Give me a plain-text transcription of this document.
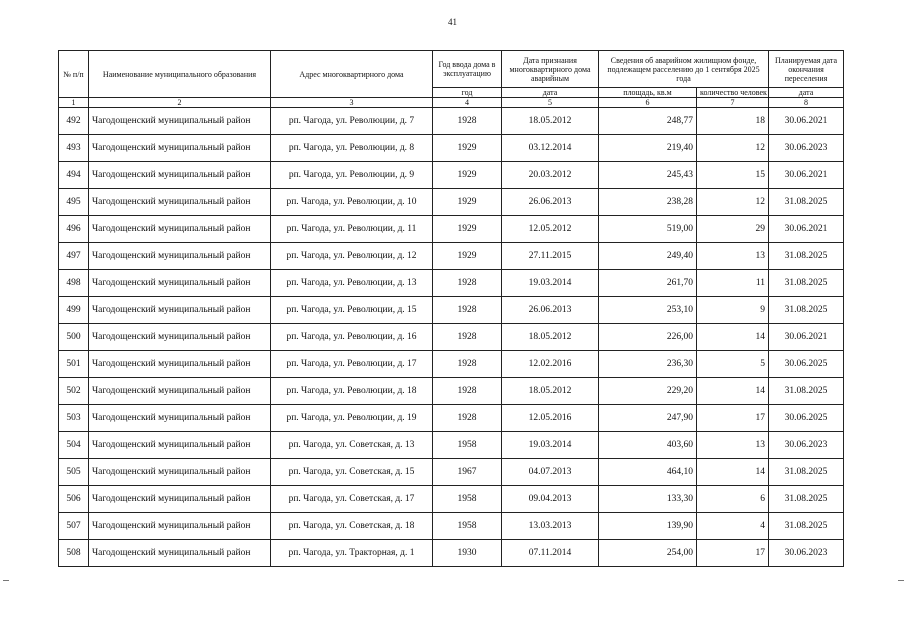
41
№ п/п	Наименование муниципального образования	Адрес многоквартирного дома	Год ввода дома в эксплуатацию	Дата признания многоквартирного дома аварийным	Сведения об аварийном жилищном фонде, подлежащем расселению до 1 сентября 2025 года		Планируемая дата окончания переселения
			год	дата	площадь, кв.м	количество человек	дата
1	2	3	4	5	6	7	8
492	Чагодощенский муниципальный район	рп. Чагода, ул. Революции, д. 7	1928	18.05.2012	248,77	18	30.06.2021
493	Чагодощенский муниципальный район	рп. Чагода, ул. Революции, д. 8	1929	03.12.2014	219,40	12	30.06.2023
494	Чагодощенский муниципальный район	рп. Чагода, ул. Революции, д. 9	1929	20.03.2012	245,43	15	30.06.2021
495	Чагодощенский муниципальный район	рп. Чагода, ул. Революции, д. 10	1929	26.06.2013	238,28	12	31.08.2025
496	Чагодощенский муниципальный район	рп. Чагода, ул. Революции, д. 11	1929	12.05.2012	519,00	29	30.06.2021
497	Чагодощенский муниципальный район	рп. Чагода, ул. Революции, д. 12	1929	27.11.2015	249,40	13	31.08.2025
498	Чагодощенский муниципальный район	рп. Чагода, ул. Революции, д. 13	1928	19.03.2014	261,70	11	31.08.2025
499	Чагодощенский муниципальный район	рп. Чагода, ул. Революции, д. 15	1928	26.06.2013	253,10	9	31.08.2025
500	Чагодощенский муниципальный район	рп. Чагода, ул. Революции, д. 16	1928	18.05.2012	226,00	14	30.06.2021
501	Чагодощенский муниципальный район	рп. Чагода, ул. Революции, д. 17	1928	12.02.2016	236,30	5	30.06.2025
502	Чагодощенский муниципальный район	рп. Чагода, ул. Революции, д. 18	1928	18.05.2012	229,20	14	31.08.2025
503	Чагодощенский муниципальный район	рп. Чагода, ул. Революции, д. 19	1928	12.05.2016	247,90	17	30.06.2025
504	Чагодощенский муниципальный район	рп. Чагода, ул. Советская, д. 13	1958	19.03.2014	403,60	13	30.06.2023
505	Чагодощенский муниципальный район	рп. Чагода, ул. Советская, д. 15	1967	04.07.2013	464,10	14	31.08.2025
506	Чагодощенский муниципальный район	рп. Чагода, ул. Советская, д. 17	1958	09.04.2013	133,30	6	31.08.2025
507	Чагодощенский муниципальный район	рп. Чагода, ул. Советская, д. 18	1958	13.03.2013	139,90	4	31.08.2025
508	Чагодощенский муниципальный район	рп. Чагода, ул. Тракторная, д. 1	1930	07.11.2014	254,00	17	30.06.2023
